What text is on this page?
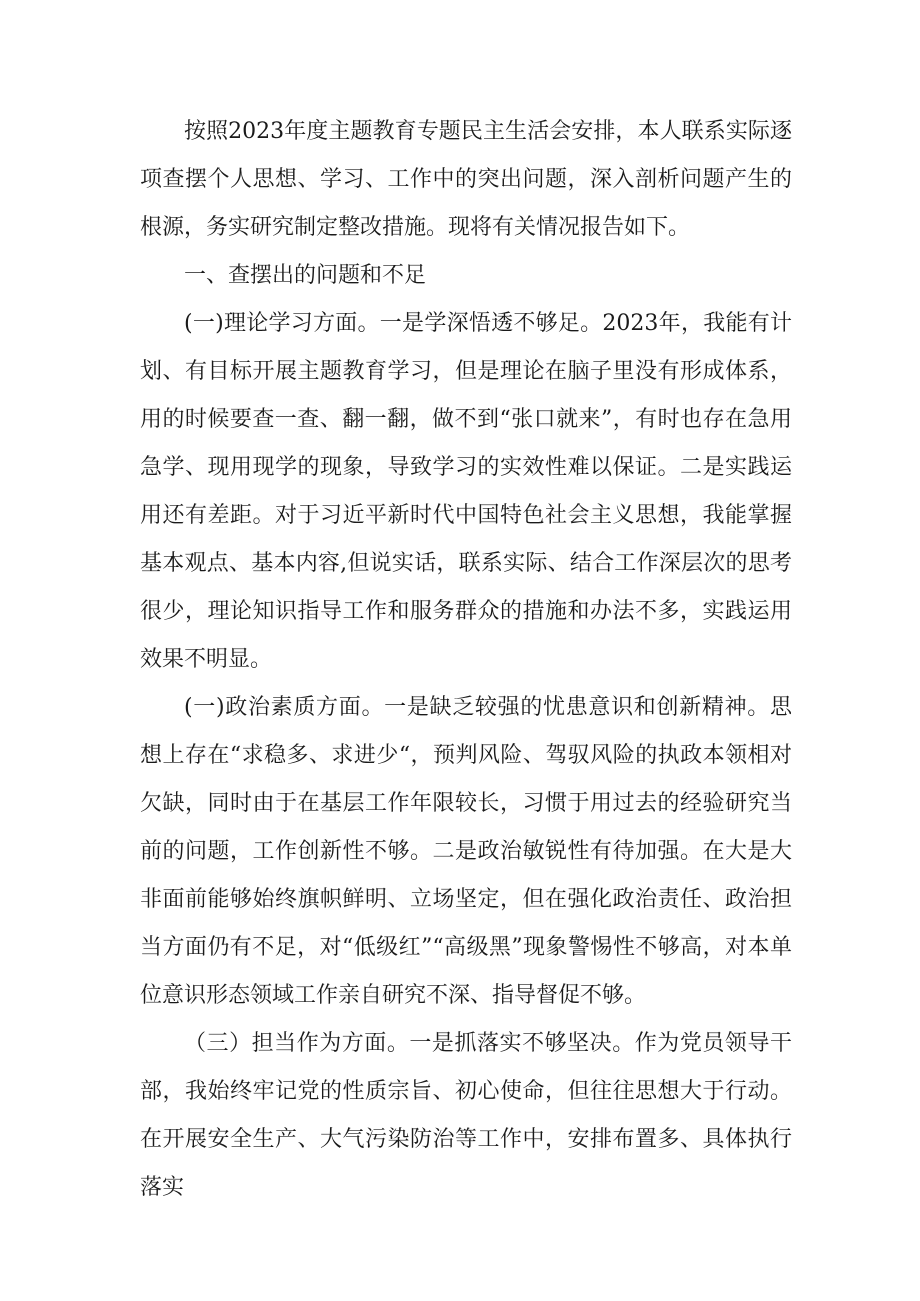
按照2023年度主题教育专题民主生活会安排，本人联系实际逐项查摆个人思想、学习、工作中的突出问题，深入剖析问题产生的根源，务实研究制定整改措施。现将有关情况报告如下。

一、查摆出的问题和不足

(一)理论学习方面。一是学深悟透不够足。2023年，我能有计划、有目标开展主题教育学习，但是理论在脑子里没有形成体系，用的时候要查一查、翻一翻，做不到“张口就来”，有时也存在急用急学、现用现学的现象，导致学习的实效性难以保证。二是实践运用还有差距。对于习近平新时代中国特色社会主义思想，我能掌握基本观点、基本内容,但说实话，联系实际、结合工作深层次的思考很少，理论知识指导工作和服务群众的措施和办法不多，实践运用效果不明显。

(一)政治素质方面。一是缺乏较强的忧患意识和创新精神。思想上存在“求稳多、求进少“，预判风险、驾驭风险的执政本领相对欠缺，同时由于在基层工作年限较长，习惯于用过去的经验研究当前的问题，工作创新性不够。二是政治敏锐性有待加强。在大是大非面前能够始终旗帜鲜明、立场坚定，但在强化政治责任、政治担当方面仍有不足，对“低级红”“高级黑”现象警惕性不够高，对本单位意识形态领域工作亲自研究不深、指导督促不够。

（三）担当作为方面。一是抓落实不够坚决。作为党员领导干部，我始终牢记党的性质宗旨、初心使命，但往往思想大于行动。在开展安全生产、大气污染防治等工作中，安排布置多、具体执行落实
